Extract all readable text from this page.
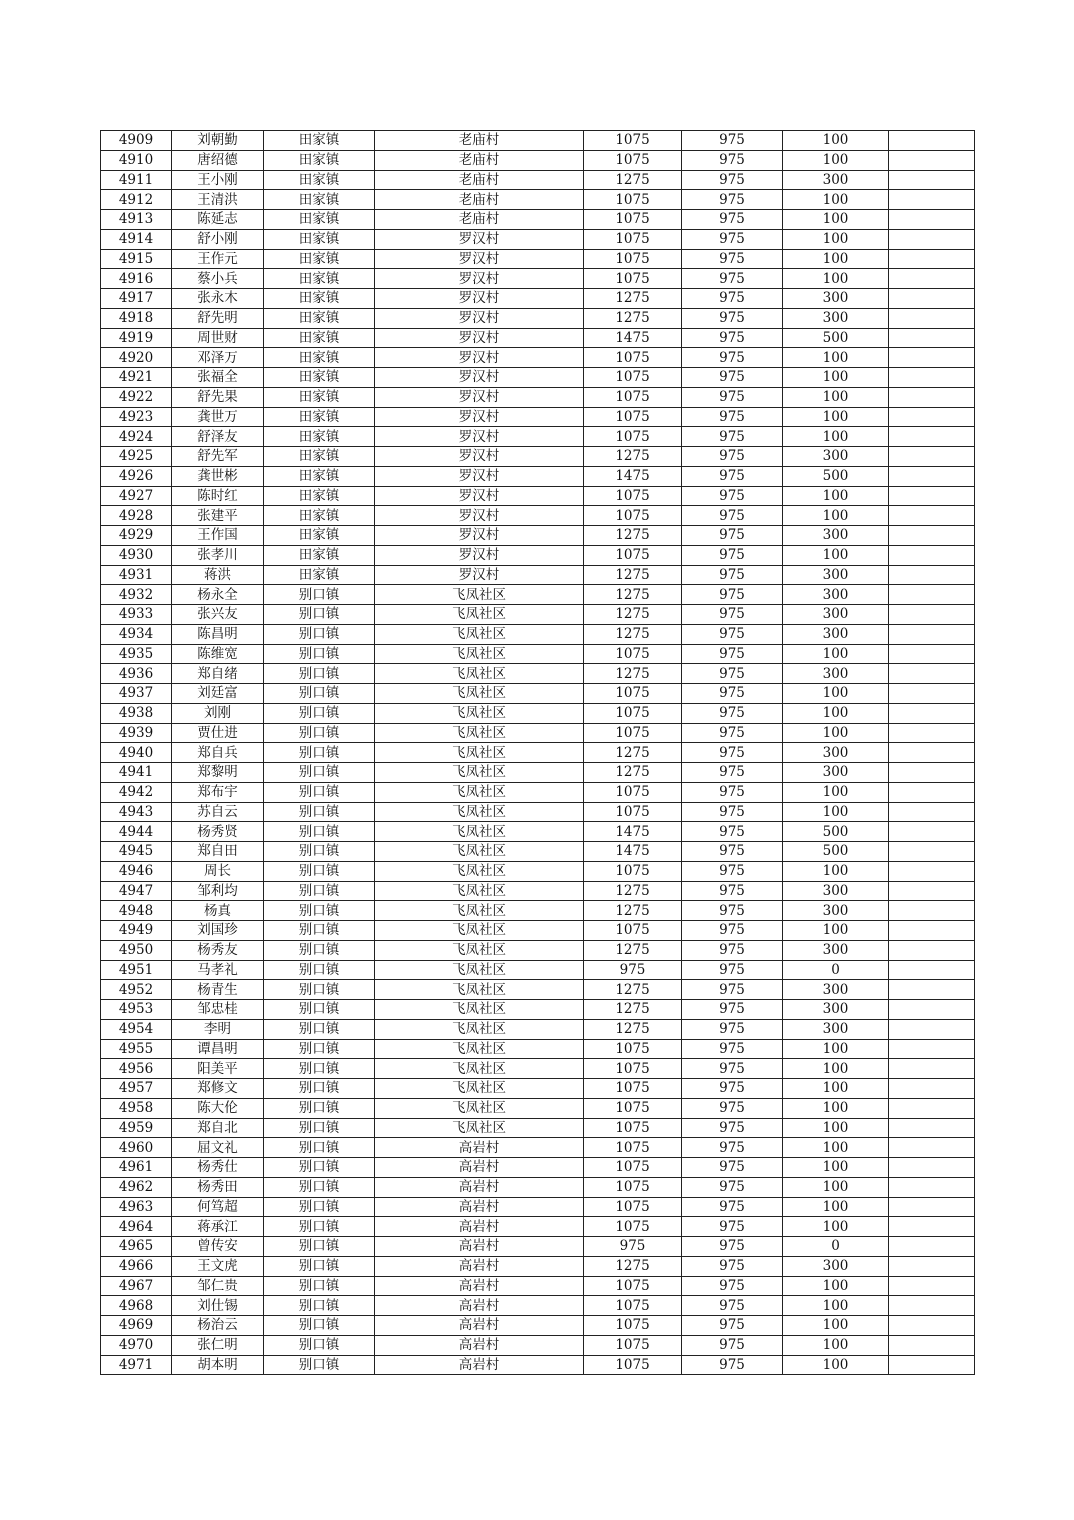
4909	刘朝勤	田家镇	老庙村	1075	975	100	
4910	唐绍德	田家镇	老庙村	1075	975	100	
4911	王小刚	田家镇	老庙村	1275	975	300	
4912	王清洪	田家镇	老庙村	1075	975	100	
4913	陈延志	田家镇	老庙村	1075	975	100	
4914	舒小刚	田家镇	罗汉村	1075	975	100	
4915	王作元	田家镇	罗汉村	1075	975	100	
4916	蔡小兵	田家镇	罗汉村	1075	975	100	
4917	张永木	田家镇	罗汉村	1275	975	300	
4918	舒先明	田家镇	罗汉村	1275	975	300	
4919	周世财	田家镇	罗汉村	1475	975	500	
4920	邓泽万	田家镇	罗汉村	1075	975	100	
4921	张福全	田家镇	罗汉村	1075	975	100	
4922	舒先果	田家镇	罗汉村	1075	975	100	
4923	龚世万	田家镇	罗汉村	1075	975	100	
4924	舒泽友	田家镇	罗汉村	1075	975	100	
4925	舒先军	田家镇	罗汉村	1275	975	300	
4926	龚世彬	田家镇	罗汉村	1475	975	500	
4927	陈时红	田家镇	罗汉村	1075	975	100	
4928	张建平	田家镇	罗汉村	1075	975	100	
4929	王作国	田家镇	罗汉村	1275	975	300	
4930	张孝川	田家镇	罗汉村	1075	975	100	
4931	蒋洪	田家镇	罗汉村	1275	975	300	
4932	杨永全	别口镇	飞凤社区	1275	975	300	
4933	张兴友	别口镇	飞凤社区	1275	975	300	
4934	陈昌明	别口镇	飞凤社区	1275	975	300	
4935	陈维宽	别口镇	飞凤社区	1075	975	100	
4936	郑自绪	别口镇	飞凤社区	1275	975	300	
4937	刘廷富	别口镇	飞凤社区	1075	975	100	
4938	刘刚	别口镇	飞凤社区	1075	975	100	
4939	贾仕进	别口镇	飞凤社区	1075	975	100	
4940	郑自兵	别口镇	飞凤社区	1275	975	300	
4941	郑黎明	别口镇	飞凤社区	1275	975	300	
4942	郑布宇	别口镇	飞凤社区	1075	975	100	
4943	苏自云	别口镇	飞凤社区	1075	975	100	
4944	杨秀贤	别口镇	飞凤社区	1475	975	500	
4945	郑自田	别口镇	飞凤社区	1475	975	500	
4946	周长	别口镇	飞凤社区	1075	975	100	
4947	邹利均	别口镇	飞凤社区	1275	975	300	
4948	杨真	别口镇	飞凤社区	1275	975	300	
4949	刘国珍	别口镇	飞凤社区	1075	975	100	
4950	杨秀友	别口镇	飞凤社区	1275	975	300	
4951	马孝礼	别口镇	飞凤社区	975	975	0	
4952	杨青生	别口镇	飞凤社区	1275	975	300	
4953	邹忠桂	别口镇	飞凤社区	1275	975	300	
4954	李明	别口镇	飞凤社区	1275	975	300	
4955	谭昌明	别口镇	飞凤社区	1075	975	100	
4956	阳美平	别口镇	飞凤社区	1075	975	100	
4957	郑修文	别口镇	飞凤社区	1075	975	100	
4958	陈大伦	别口镇	飞凤社区	1075	975	100	
4959	郑自北	别口镇	飞凤社区	1075	975	100	
4960	屈文礼	别口镇	高岩村	1075	975	100	
4961	杨秀仕	别口镇	高岩村	1075	975	100	
4962	杨秀田	别口镇	高岩村	1075	975	100	
4963	何笃超	别口镇	高岩村	1075	975	100	
4964	蒋承江	别口镇	高岩村	1075	975	100	
4965	曾传安	别口镇	高岩村	975	975	0	
4966	王文虎	别口镇	高岩村	1275	975	300	
4967	邹仁贵	别口镇	高岩村	1075	975	100	
4968	刘仕锡	别口镇	高岩村	1075	975	100	
4969	杨治云	别口镇	高岩村	1075	975	100	
4970	张仁明	别口镇	高岩村	1075	975	100	
4971	胡本明	别口镇	高岩村	1075	975	100	
